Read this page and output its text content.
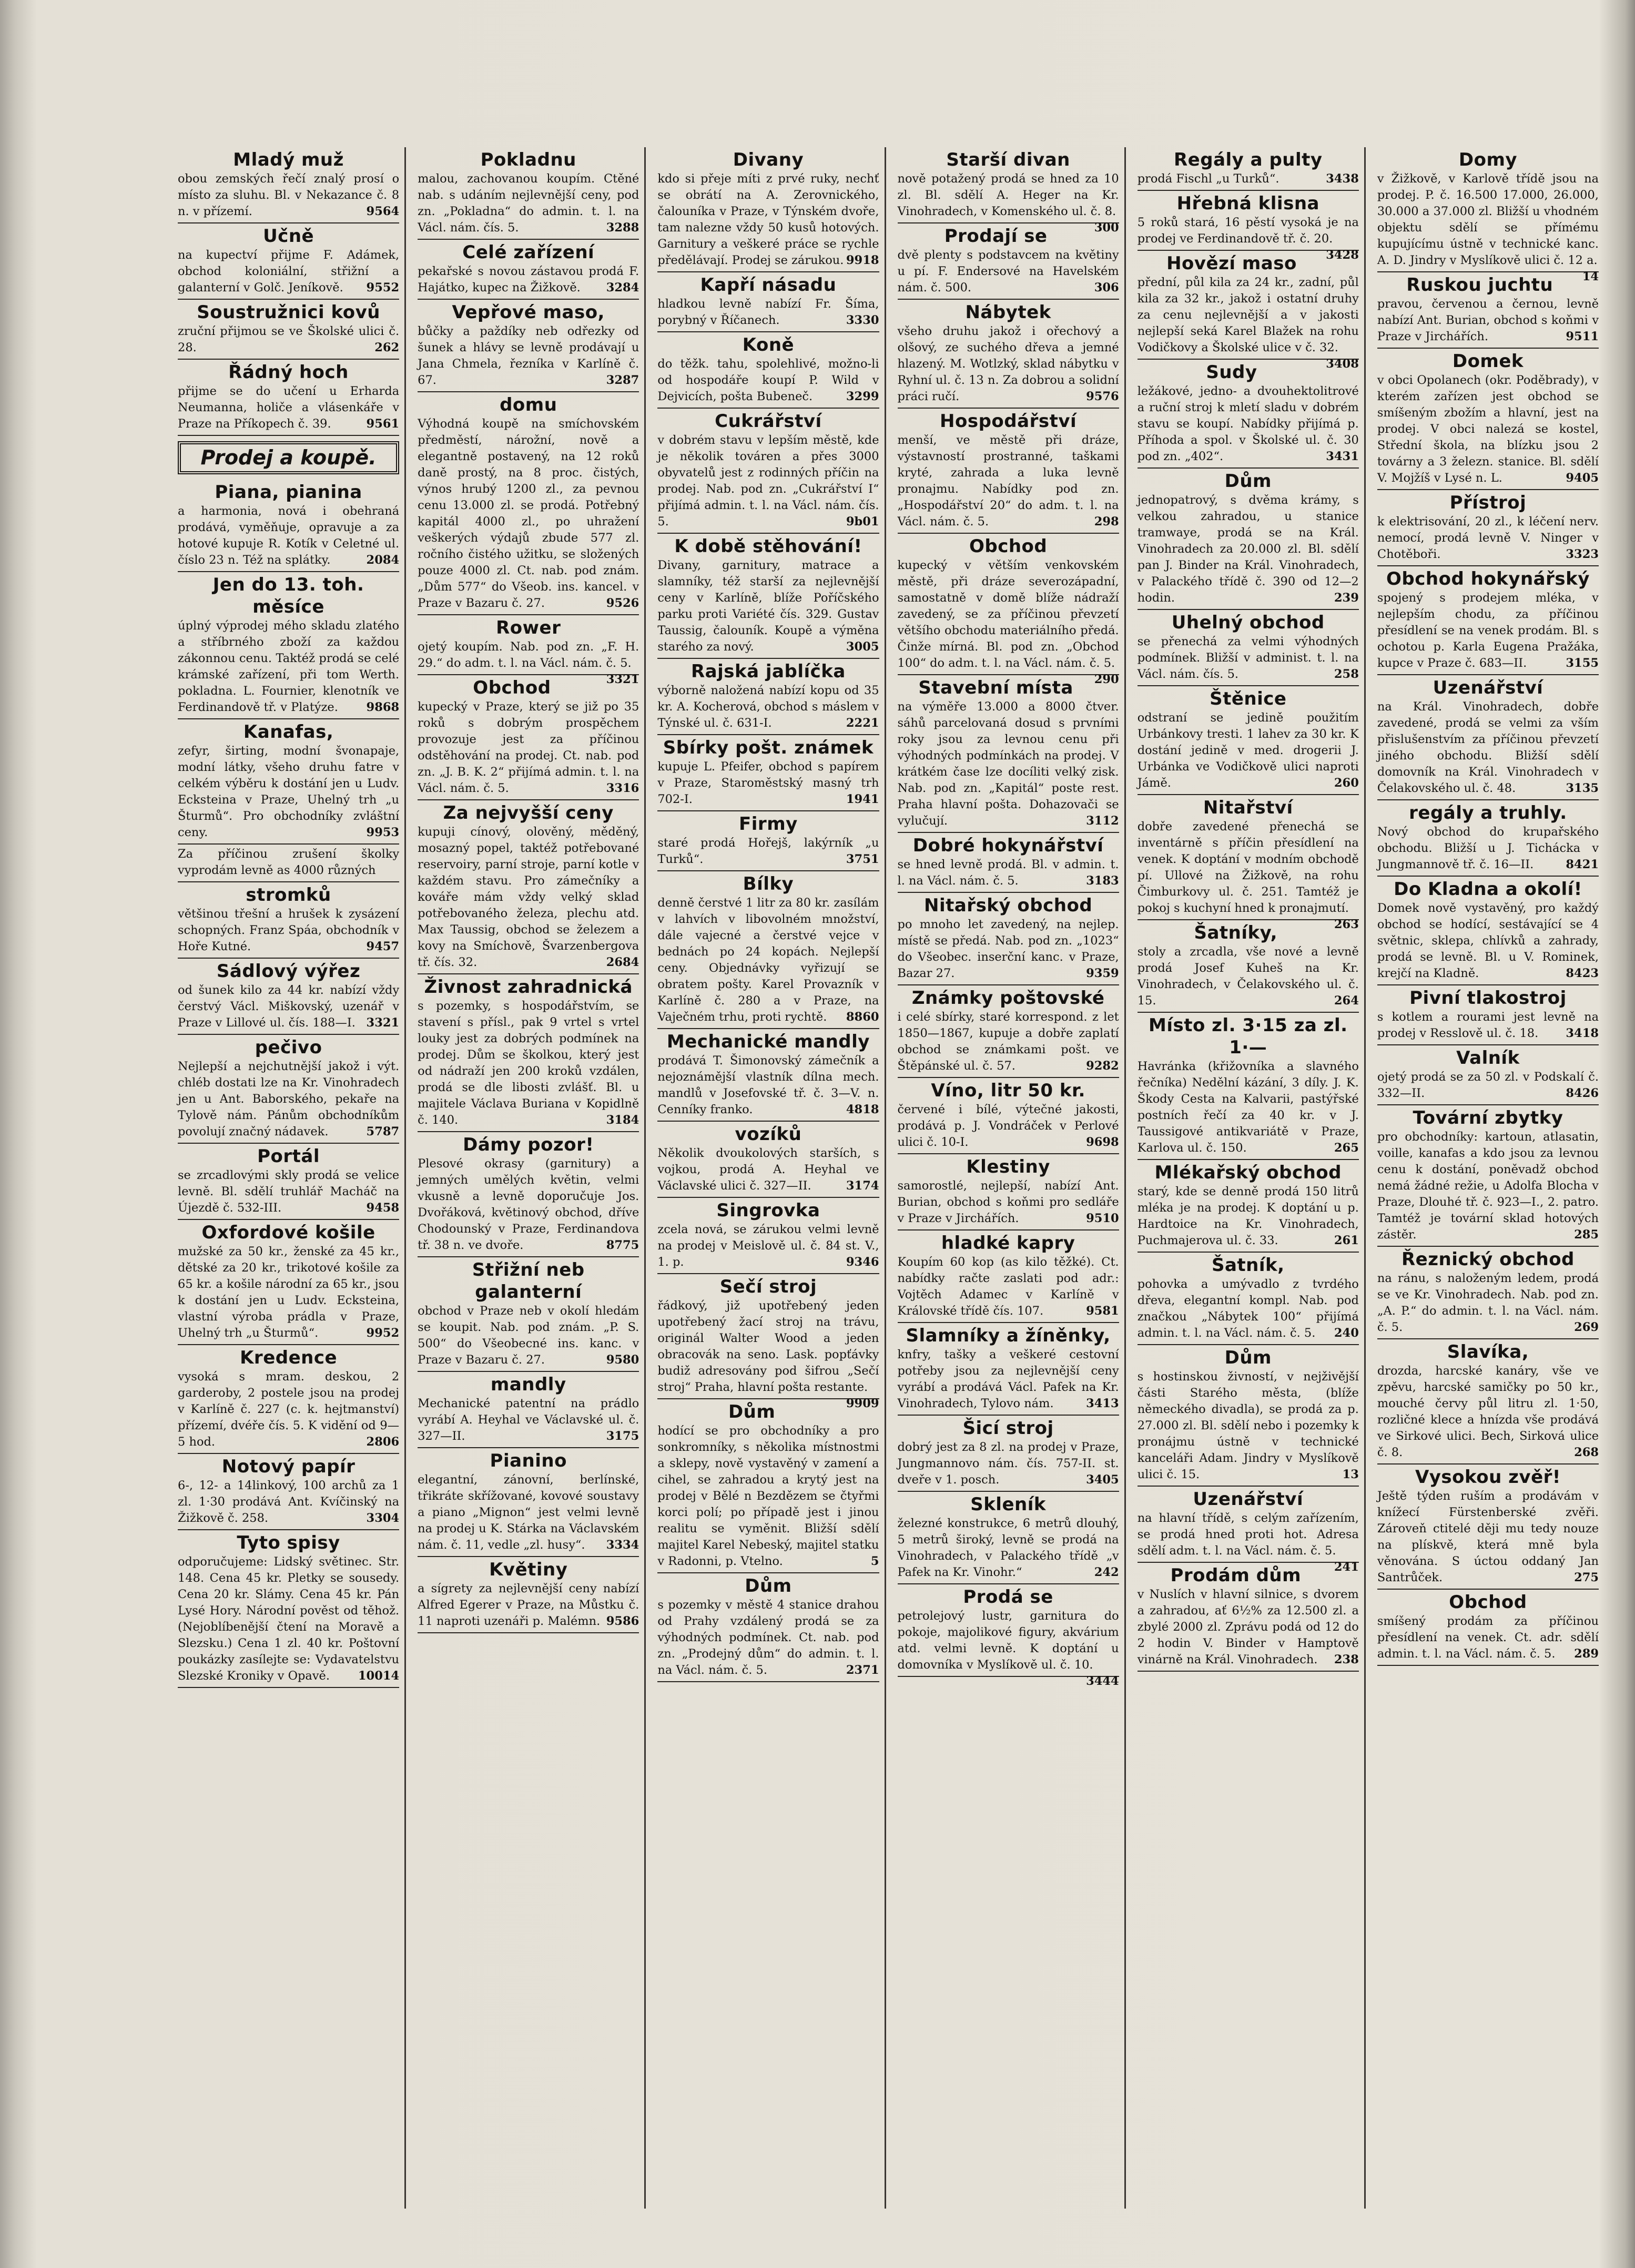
Mladý muž

obou zemských řečí znalý prosí o místo za sluhu. Bl. v Nekazance č. 8 n. v přízemí.	9564

Učně

na kupectví přijme F. Adámek, obchod koloniální, střižní a galanterní v Golč. Jeníkově. 9552

Soustružnici kovů

zruční přijmou se ve Školské ulici č. 28.	262

Řádný hoch

přijme se do učení u Erharda Neumanna, holiče a vlásenkáře v Praze na Příkopech č. 39.	9561

Prodej a koupě.
Piana, pianina

a harmonia, nová i obehraná prodává, vyměňuje, opravuje a za hotové kupuje R. Kotík v Celetné ul. číslo 23 n. Též na splátky.	2084

Jen do 13. toh. měsíce

úplný výprodej mého skladu zlatého a stříbrného zboží za každou zákonnou cenu. Taktéž prodá se celé krámské zařízení, při tom Werth. pokladna. L. Fournier, klenotník ve Ferdinandově tř. v Platýze. 9868

Kanafas,

zefyr, širting, modní švonapaje, modní látky, všeho druhu fatre v celkém výběru k dostání jen u Ludv. Ecksteina v Praze, Uhelný trh „u Šturmů“. Pro obchodníky zvláštní ceny.	9953

Za příčinou zrušení školky vyprodám levně as 4000 různých

stromků

většinou třešní a hrušek k zysázení schopných. Franz Spáa, obchodník v Hoře Kutné.	9457

Sádlový výřez

od šunek kilo za 44 kr. nabízí vždy čerstvý Václ. Miškovský, uzenář v Praze v Lillové ul. čís. 188—I. 3321

pečivo

Nejlepší a nejchutnější jakož i výt. chléb dostati lze na Kr. Vinohradech jen u Ant. Baborského, pekaře na Tylově nám. Pánům obchodníkům povolují značný nádavek.	5787

Portál

se zrcadlovými skly prodá se velice levně. Bl. sdělí truhlář Macháč na Újezdě č. 532-III.	9458

Oxfordové košile

mužské za 50 kr., ženské za 45 kr., dětské za 20 kr., trikotové košile za 65 kr. a košile národní za 65 kr., jsou k dostání jen u Ludv. Ecksteina, vlastní výroba prádla v Praze, Uhelný trh „u Šturmů“.	9952

Kredence

vysoká s mram. deskou, 2 garderoby, 2 postele jsou na prodej v Karlíně č. 227 (c. k. hejtmanství) přízemí, dvéře čís. 5. K vidění od 9—5 hod.	2806

Notový papír

6-, 12- a 14linkový, 100 archů za 1 zl. 1·30 prodává Ant. Kvíčinský na Žižkově č. 258.	3304

Tyto spisy

odporučujeme: Lidský světinec. Str. 148. Cena 45 kr. Pletky se sousedy. Cena 20 kr. Slámy. Cena 45 kr. Pán Lysé Hory. Národní pověst od těhož. (Nejoblíbenější čtení na Moravě a Slezsku.) Cena 1 zl. 40 kr. Poštovní poukázky zasílejte se: Vydavatelstvu Slezské Kroniky v Opavě. 10014

Pokladnu

malou, zachovanou koupím. Ctěné nab. s udáním nejlevnější ceny, pod zn. „Pokladna“ do admin. t. l. na Václ. nám. čís. 5.	3288

Celé zařízení

pekařské s novou zástavou prodá F. Hajátko, kupec na Žižkově. 3284

Vepřové maso,

bůčky a paždíky neb odřezky od šunek a hlávy se levně prodávají u Jana Chmela, řezníka v Karlíně č. 67.	3287

domu

Výhodná koupě na smíchovském předměstí, nárožní, nově a elegantně postavený, na 12 roků daně prostý, na 8 proc. čistých, výnos hrubý 1200 zl., za pevnou cenu 13.000 zl. se prodá. Potřebný kapitál 4000 zl., po uhražení veškerých výdajů zbude 577 zl. ročního čistého užitku, se složených pouze 4000 zl. Ct. nab. pod znám. „Dům 577“ do Všeob. ins. kancel. v Praze v Bazaru č. 27.	9526

Rower

ojetý koupím. Nab. pod zn. „F. H. 29.“ do adm. t. l. na Václ. nám. č. 5.
3321

Obchod

kupecký v Praze, který se již po 35 roků s dobrým prospěchem provozuje jest za příčinou odstěhování na prodej. Ct. nab. pod zn. „J. B. K. 2“ přijímá admin. t. l. na Václ. nám. č. 5.	3316

Za nejvyšší ceny

kupuji cínový, olověný, měděný, mosazný popel, taktéž potřebované reservoiry, parní stroje, parní kotle v každém stavu. Pro zámečníky a kováře mám vždy velký sklad potřebovaného železa, plechu atd. Max Taussig, obchod se železem a kovy na Smíchově, Švarzenbergova tř. čís. 32.	2684

Živnost zahradnická

s pozemky, s hospodářstvím, se stavení s přísl., pak 9 vrtel s vrtel louky jest za dobrých podmínek na prodej. Dům se školkou, který jest od nádraží jen 200 kroků vzdálen, prodá se dle libosti zvlášť. Bl. u majitele Václava Buriana v Kopidlně č. 140.	3184

Dámy pozor!

Plesové okrasy (garnitury) a jemných umělých květin, velmi vkusně a levně doporučuje Jos. Dvořáková, květinový obchod, dříve Chodounský v Praze, Ferdinandova tř. 38 n. ve dvoře.	8775

Střižní neb galanterní

obchod v Praze neb v okolí hledám se koupit. Nab. pod znám. „P. S. 500“ do Všeobecné ins. kanc. v Praze v Bazaru č. 27.	9580

mandly

Mechanické patentní na prádlo vyrábí A. Heyhal ve Václavské ul. č. 327—II.	3175

Pianino

elegantní, zánovní, berlínské, třikráte skřížované, kovové soustavy a piano „Mignon“ jest velmi levně na prodej u K. Stárka na Václavském nám. č. 11, vedle „zl. husy“. 3334

Květiny

a sígrety za nejlevnější ceny nabízí Alfred Egerer v Praze, na Můstku č. 11 naproti uzenáři p. Malémn. 9586

Divany

kdo si přeje míti z prvé ruky, nechť se obrátí na A. Zerovnického, čalouníka v Praze, v Týnském dvoře, tam nalezne vždy 50 kusů hotových. Garnitury a veškeré práce se rychle předělávají. Prodej se zárukou. 9918

Kapří násadu

hladkou levně nabízí Fr. Šíma, porybný v Říčanech.	3330

Koně

do těžk. tahu, spolehlivé, možno-li od hospodáře koupí P. Wild v Dejvicích, pošta Bubeneč.	3299

Cukrářství

v dobrém stavu v lepším městě, kde je několik továren a přes 3000 obyvatelů jest z rodinných příčin na prodej. Nab. pod zn. „Cukrářství I“ přijímá admin. t. l. na Václ. nám. čís. 5.	9b01

K době stěhování!

Divany, garnitury, matrace a slamníky, též starší za nejlevnější ceny v Karlíně, blíže Poříčského parku proti Variété čís. 329. Gustav Taussig, čalouník. Koupě a výměna starého za nový.	3005

Rajská jablíčka

výborně naložená nabízí kopu od 35 kr. A. Kocherová, obchod s máslem v Týnské ul. č. 631-I.	2221

Sbírky pošt. známek

kupuje L. Pfeifer, obchod s papírem v Praze, Staroměstský masný trh 702-I.	1941

Firmy

staré prodá Hořejš, lakýrník „u Turků“.	3751

Bílky

denně čerstvé 1 litr za 80 kr. zasílám v lahvích v libovolném množství, dále vajecné a čerstvé vejce v bednách po 24 kopách. Nejlepší ceny. Objednávky vyřizují se obratem pošty. Karel Provazník v Karlíně č. 280 a v Praze, na Vaječném trhu, proti rychtě. 8860

Mechanické mandly

prodává T. Šimonovský zámečník a nejoznámější vlastník dílna mech. mandlů v Josefovské tř. č. 3—V. n. Cenníky franko.	4818

vozíků

Několik dvoukolových starších, s vojkou, prodá A. Heyhal ve Václavské ulici č. 327—II.	3174

Singrovka

zcela nová, se zárukou velmi levně na prodej v Meislově ul. č. 84 st. V., 1. p.	9346

Sečí stroj

řádkový, již upotřebený jeden upotřebený žací stroj na trávu, originál Walter Wood a jeden obracovák na seno. Lask. popťávky budiž adresovány pod šifrou „Sečí stroj“ Praha, hlavní pošta restante.
9909

Dům

hodící se pro obchodníky a pro sonkromníky, s několika místnostmi a sklepy, nově vystavěný v zamení a cihel, se zahradou a krytý jest na prodej v Bělé n Bezdězem se čtyřmi korci polí; po případě jest i jinou realitu se vyměnit. Bližší sdělí majitel Karel Nebeský, majitel statku v Radonni, p. Vtelno.	5

Dům

s pozemky v městě 4 stanice drahou od Prahy vzdálený prodá se za výhodných podmínek. Ct. nab. pod zn. „Prodejný dům“ do admin. t. l. na Václ. nám. č. 5.	2371

Starší divan

nově potažený prodá se hned za 10 zl. Bl. sdělí A. Heger na Kr. Vinohradech, v Komenského ul. č. 8.
300

Prodají se

dvě plenty s podstavcem na květiny u pí. F. Endersové na Havelském nám. č. 500.	306

Nábytek

všeho druhu jakož i ořechový a olšový, ze suchého dřeva a jemné hlazený. M. Wotlzký, sklad nábytku v Ryhní ul. č. 13 n. Za dobrou a solidní práci ručí.	9576

Hospodářství

menší, ve městě při dráze, výstavností prostranné, taškami kryté, zahrada a luka levně pronajmu. Nabídky pod zn. „Hospodářství 20“ do adm. t. l. na Václ. nám. č. 5.	298

Obchod

kupecký v větším venkovském městě, při dráze severozápadní, samostatně v domě blíže nádraží zavedený, se za příčinou převzetí většího obchodu materiálního předá. Činže mírná. Bl. pod zn. „Obchod 100“ do adm. t. l. na Václ. nám. č. 5.
290

Stavební místa

na výměře 13.000 a 8000 čtver. sáhů parcelovaná dosud s prvními roky jsou za levnou cenu při výhodných podmínkách na prodej. V krátkém čase lze docíliti velký zisk. Nab. pod zn. „Kapitál“ poste rest. Praha hlavní pošta. Dohazovači se vylučují.	3112

Dobré hokynářství

se hned levně prodá. Bl. v admin. t. l. na Václ. nám. č. 5.	3183

Nitařský obchod

po mnoho let zavedený, na nejlep. místě se předá. Nab. pod zn. „1023“ do Všeobec. inserční kanc. v Praze, Bazar 27.	9359

Známky poštovské

i celé sbírky, staré korrespond. z let 1850—1867, kupuje a dobře zaplatí obchod se známkami pošt. ve Štěpánské ul. č. 57.	9282

Víno, litr 50 kr.

červené i bílé, výtečné jakosti, prodává p. J. Vondráček v Perlové ulici č. 10-I.	9698

Klestiny

samorostlé, nejlepší, nabízí Ant. Burian, obchod s koňmi pro sedláře v Praze v Jirchářích.	9510

hladké kapry

Koupím 60 kop (as kilo těžké). Ct. nabídky račte zaslati pod adr.: Vojtěch Adamec v Karlíně v Královské třídě čís. 107.	9581

Slamníky a žíněnky,

knfry, tašky a veškeré cestovní potřeby jsou za nejlevnější ceny vyrábí a prodává Václ. Pafek na Kr. Vinohradech, Tylovo nám.	3413

Šicí stroj

dobrý jest za 8 zl. na prodej v Praze, Jungmannovo nám. čís. 757-II. st. dveře v 1. posch.	3405

Skleník

železné konstrukce, 6 metrů dlouhý, 5 metrů široký, levně se prodá na Vinohradech, v Palackého třídě „v Pafek na Kr. Vinohr.“	242

Prodá se

petrolejový lustr, garnitura do pokoje, majolikové figury, akvárium atd. velmi levně. K doptání u domovníka v Myslíkově ul. č. 10.
3444

Regály a pulty

prodá Fischl „u Turků“.	3438

Hřebná klisna

5 roků stará, 16 pěstí vysoká je na prodej ve Ferdinandově tř. č. 20.
3428

Hovězí maso

přední, půl kila za 24 kr., zadní, půl kila za 32 kr., jakož i ostatní druhy za cenu nejlevnější a v jakosti nejlepší seká Karel Blažek na rohu Vodičkovy a Školské ulice v č. 32.
3408

Sudy

ležákové, jedno- a dvouhektolitrové a ruční stroj k mletí sladu v dobrém stavu se koupí. Nabídky přijímá p. Příhoda a spol. v Školské ul. č. 30 pod zn. „402“.	3431

Dům

jednopatrový, s dvěma krámy, s velkou zahradou, u stanice tramwaye, prodá se na Král. Vinohradech za 20.000 zl. Bl. sdělí pan J. Binder na Král. Vinohradech, v Palackého třídě č. 390 od 12—2 hodin.	239

Uhelný obchod

se přenechá za velmi výhodných podmínek. Bližší v administ. t. l. na Václ. nám. čís. 5.	258

Štěnice

odstraní se jedině použitím Urbánkovy tresti. 1 lahev za 30 kr. K dostání jedině v med. drogerii J. Urbánka ve Vodičkově ulici naproti Jámě.	260

Nitařství

dobře zavedené přenechá se inventárně s příčin přesídlení na venek. K doptání v modním obchodě pí. Ullové na Žižkově, na rohu Čimburkovy ul. č. 251. Tamtéž je pokoj s kuchyní hned k pronajmutí.
263

Šatníky,

stoly a zrcadla, vše nové a levně prodá Josef Kuheš na Kr. Vinohradech, v Čelakovského ul. č. 15.	264

Místo zl. 3·15 za zl. 1·—

Havránka (křižovníka a slavného řečníka) Nedělní kázání, 3 díly. J. K. Škody Cesta na Kalvarii, pastýřské postních řečí za 40 kr. v J. Taussigové antikvariátě v Praze, Karlova ul. č. 150.	265

Mlékařský obchod

starý, kde se denně prodá 150 litrů mléka je na prodej. K doptání u p. Hardtoice na Kr. Vinohradech, Puchmajerova ul. č. 33.	261

Šatník,

pohovka a umývadlo z tvrdého dřeva, elegantní kompl. Nab. pod značkou „Nábytek 100“ přijímá admin. t. l. na Václ. nám. č. 5. 240

Dům

s hostinskou živností, v nejživější části Starého města, (blíže německého divadla), se prodá za p. 27.000 zl. Bl. sdělí nebo i pozemky k pronájmu ústně v technické kanceláři Adam. Jindry v Myslíkově ulici č. 15.	13

Uzenářství

na hlavní třídě, s celým zařízením, se prodá hned proti hot. Adresa sdělí adm. t. l. na Václ. nám. č. 5.
241

Prodám dům

v Nuslích v hlavní silnice, s dvorem a zahradou, ať 6½% za 12.500 zl. a zbylé 2000 zl. Zprávu podá od 12 do 2 hodin V. Binder v Hamptově vinárně na Král. Vinohradech. 238

Domy

v Žižkově, v Karlově třídě jsou na prodej. P. č. 16.500 17.000, 26.000, 30.000 a 37.000 zl. Bližší u vhodném objektu sdělí se přímému kupujícímu ústně v technické kanc. A. D. Jindry v Myslíkově ulici č. 12 a.
14

Ruskou juchtu

pravou, červenou a černou, levně nabízí Ant. Burian, obchod s koňmi v Praze v Jirchářích.	9511

Domek

v obci Opolanech (okr. Poděbrady), v kterém zařízen jest obchod se smíšeným zbožím a hlavní, jest na prodej. V obci nalezá se kostel, Střední škola, na blízku jsou 2 továrny a 3 železn. stanice. Bl. sdělí V. Mojžíš v Lysé n. L.	9405

Přístroj

k elektrisování, 20 zl., k léčení nerv. nemocí, prodá levně V. Ninger v Chotěboři.	3323

Obchod hokynářský

spojený s prodejem mléka, v nejlepším chodu, za příčinou přesídlení se na venek prodám. Bl. s ochotou p. Karla Eugena Pražáka, kupce v Praze č. 683—II.	3155

Uzenářství

na Král. Vinohradech, dobře zavedené, prodá se velmi za vším přislušenstvím za příčinou převzetí jiného obchodu. Bližší sdělí domovník na Král. Vinohradech v Čelakovského ul. č. 48.	3135

regály a truhly.

Nový obchod do krupařského obchodu. Bližší u J. Tichácka v Jungmannově tř. č. 16—II.	8421

Do Kladna a okolí!

Domek nově vystavěný, pro každý obchod se hodící, sestávající se 4 světnic, sklepa, chlívků a zahrady, prodá se levně. Bl. u V. Rominek, krejčí na Kladně.	8423

Pivní tlakostroj

s kotlem a rourami jest levně na prodej v Resslově ul. č. 18. 3418

Valník

ojetý prodá se za 50 zl. v Podskalí č. 332—II.	8426

Tovární zbytky

pro obchodníky: kartoun, atlasatin, voille, kanafas a kdo jsou za levnou cenu k dostání, poněvadž obchod nemá žádné režie, u Adolfa Blocha v Praze, Dlouhé tř. č. 923—I., 2. patro. Tamtéž je tovární sklad hotových zástěr.	285

Řeznický obchod

na ránu, s naloženým ledem, prodá se ve Kr. Vinohradech. Nab. pod zn. „A. P.“ do admin. t. l. na Václ. nám. č. 5.	269

Slavíka,

drozda, harcské kanáry, vše ve zpěvu, harcské samičky po 50 kr., mouché červy půl litru zl. 1·50, rozličné klece a hnízda vše prodává ve Sirkové ulici. Bech, Sirková ulice č. 8.	268

Vysokou zvěř!

Ještě týden ruším a prodávám v knížecí Fürstenberské zvěři. Zároveň ctitelé ději mu tedy nouze na plískvě, která mně byla věnována. S úctou oddaný Jan Santrůček.	275

Obchod

smíšený prodám za příčinou přesídlení na venek. Ct. adr. sdělí admin. t. l. na Václ. nám. č. 5. 289
